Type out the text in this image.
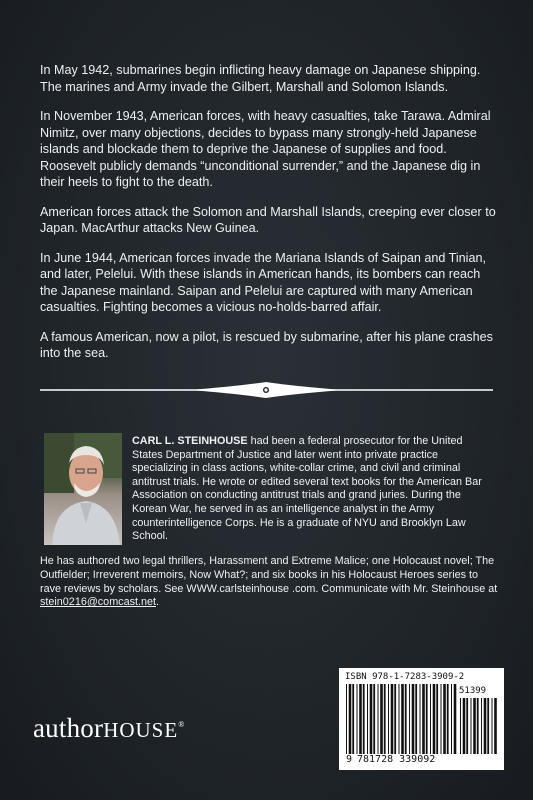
In May 1942, submarines begin inflicting heavy damage on Japanese shipping. The marines and Army invade the Gilbert, Marshall and Solomon Islands.

In November 1943, American forces, with heavy casualties, take Tarawa. Admiral Nimitz, over many objections, decides to bypass many strongly-held Japanese islands and blockade them to deprive the Japanese of supplies and food. Roosevelt publicly demands “unconditional surrender,” and the Japanese dig in their heels to fight to the death.

American forces attack the Solomon and Marshall Islands, creeping ever closer to Japan. MacArthur attacks New Guinea.

In June 1944, American forces invade the Mariana Islands of Saipan and Tinian, and later, Pelelui. With these islands in American hands, its bombers can reach the Japanese mainland. Saipan and Pelelui are captured with many American casualties. Fighting becomes a vicious no-holds-barred affair.

A famous American, now a pilot, is rescued by submarine, after his plane crashes into the sea.

CARL L. STEINHOUSE had been a federal prosecutor for the United States Department of Justice and later went into private practice specializing in class actions, white-collar crime, and civil and criminal antitrust trials. He wrote or edited several text books for the American Bar Association on conducting antitrust trials and grand juries. During the Korean War, he served in as an intelligence analyst in the Army counterintelligence Corps. He is a graduate of NYU and Brooklyn Law School.

He has authored two legal thrillers, Harassment and Extreme Malice; one Holocaust novel; The Outfielder; Irreverent memoirs, Now What?; and six books in his Holocaust Heroes series to rave reviews by scholars. See WWW.carlsteinhouse .com. Communicate with Mr. Steinhouse at stein0216@comcast.net.

authorHOUSE®
ISBN 978-1-7283-3909-2
51399
9 781728 339092
